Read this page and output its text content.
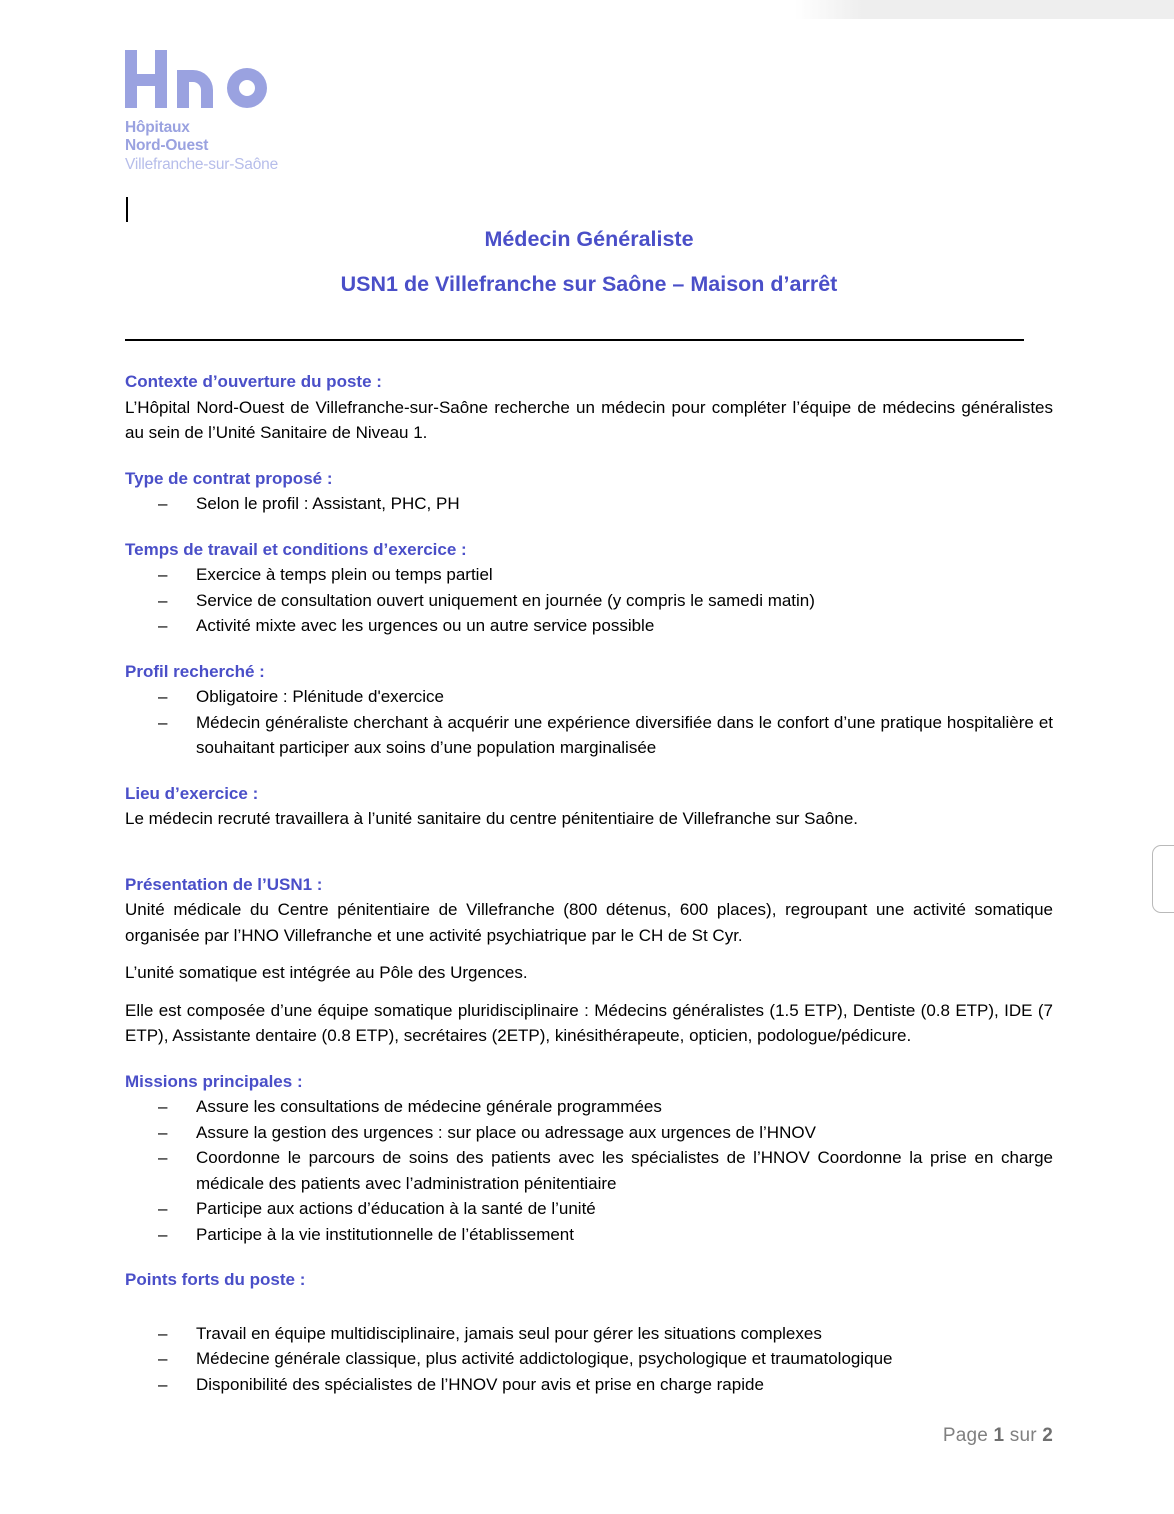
Hôpitaux
Nord-Ouest
Villefranche-sur-Saône

Médecin Généraliste

USN1 de Villefranche sur Saône – Maison d’arrêt

Contexte d’ouverture du poste :

L’Hôpital Nord-Ouest de Villefranche-sur-Saône recherche un médecin pour compléter l’équipe de médecins généralistes au sein de l’Unité Sanitaire de Niveau 1.

Type de contrat proposé :

– Selon le profil : Assistant, PHC, PH

Temps de travail et conditions d’exercice :

– Exercice à temps plein ou temps partiel
– Service de consultation ouvert uniquement en journée (y compris le samedi matin)
– Activité mixte avec les urgences ou un autre service possible

Profil recherché :

– Obligatoire : Plénitude d'exercice
– Médecin généraliste cherchant à acquérir une expérience diversifiée dans le confort d’une pratique hospitalière et souhaitant participer aux soins d’une population marginalisée

Lieu d’exercice :

Le médecin recruté travaillera à l’unité sanitaire du centre pénitentiaire de Villefranche sur Saône.

Présentation de l’USN1 :

Unité médicale du Centre pénitentiaire de Villefranche (800 détenus, 600 places), regroupant une activité somatique organisée par l’HNO Villefranche et une activité psychiatrique par le CH de St Cyr.

L’unité somatique est intégrée au Pôle des Urgences.

Elle est composée d’une équipe somatique pluridisciplinaire : Médecins généralistes (1.5 ETP), Dentiste (0.8 ETP), IDE (7 ETP), Assistante dentaire (0.8 ETP), secrétaires (2ETP), kinésithérapeute, opticien, podologue/pédicure.

Missions principales :

– Assure les consultations de médecine générale programmées
– Assure la gestion des urgences : sur place ou adressage aux urgences de l’HNOV
– Coordonne le parcours de soins des patients avec les spécialistes de l’HNOV Coordonne la prise en charge médicale des patients avec l’administration pénitentiaire
– Participe aux actions d’éducation à la santé de l’unité
– Participe à la vie institutionnelle de l’établissement

Points forts du poste :

– Travail en équipe multidisciplinaire, jamais seul pour gérer les situations complexes
– Médecine générale classique, plus activité addictologique, psychologique et traumatologique
– Disponibilité des spécialistes de l’HNOV pour avis et prise en charge rapide
Page 1 sur 2
